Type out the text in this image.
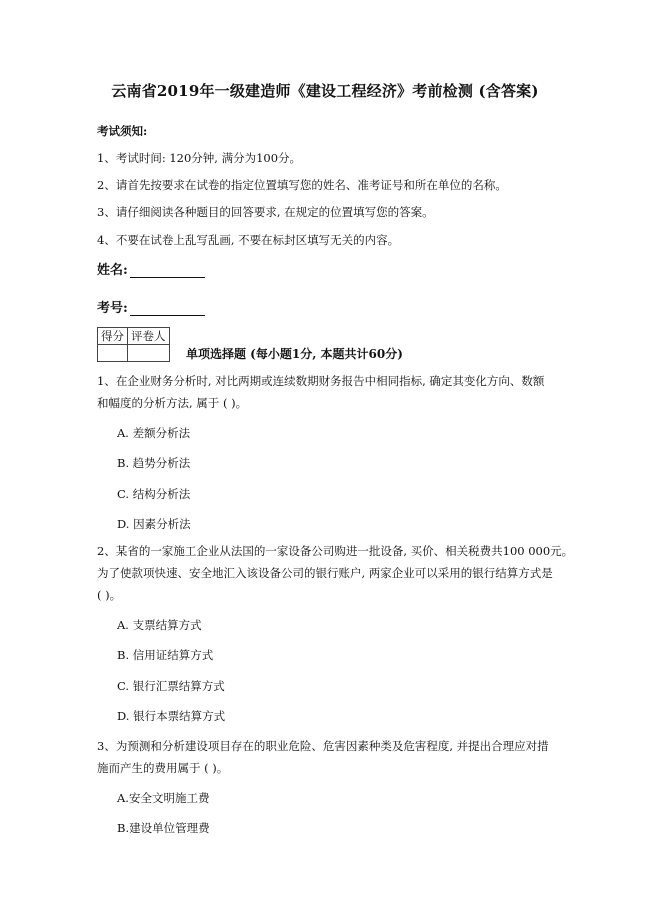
云南省2019年一级建造师《建设工程经济》考前检测 (含答案)
考试须知:
1、考试时间: 120分钟, 满分为100分。
2、请首先按要求在试卷的指定位置填写您的姓名、准考证号和所在单位的名称。
3、请仔细阅读各种题目的回答要求, 在规定的位置填写您的答案。
4、不要在试卷上乱写乱画, 不要在标封区填写无关的内容。
姓名:
考号:
得分	评卷人

单项选择题 (每小题1分, 本题共计60分)
1、在企业财务分析时, 对比两期或连续数期财务报告中相同指标, 确定其变化方向、数额
和幅度的分析方法, 属于 ( )。
A. 差额分析法
B. 趋势分析法
C. 结构分析法
D. 因素分析法
2、某省的一家施工企业从法国的一家设备公司购进一批设备, 买价、相关税费共100 000元。
为了使款项快速、安全地汇入该设备公司的银行账户, 两家企业可以采用的银行结算方式是
( )。
A. 支票结算方式
B. 信用证结算方式
C. 银行汇票结算方式
D. 银行本票结算方式
3、为预测和分析建设项目存在的职业危险、危害因素种类及危害程度, 并提出合理应对措
施而产生的费用属于 ( )。
A.安全文明施工费
B.建设单位管理费
